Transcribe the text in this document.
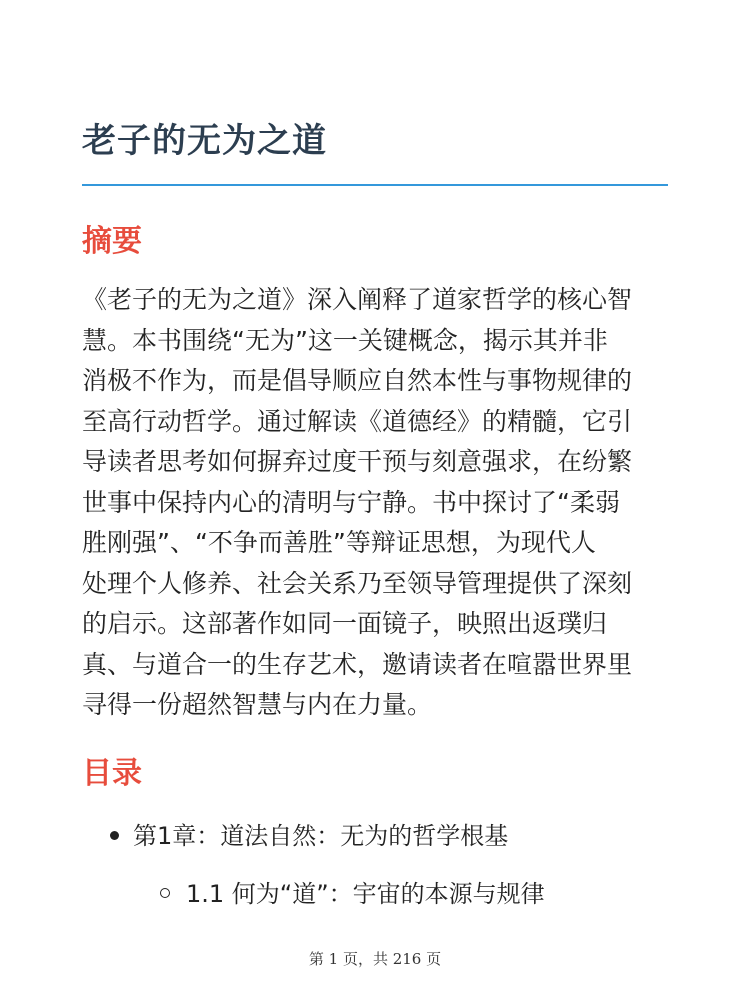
老子的无为之道
摘要

《老子的无为之道》深入阐释了道家哲学的核心智
慧。本书围绕“无为”这一关键概念，揭示其并非
消极不作为，而是倡导顺应自然本性与事物规律的
至高行动哲学。通过解读《道德经》的精髓，它引
导读者思考如何摒弃过度干预与刻意强求，在纷繁
世事中保持内心的清明与宁静。书中探讨了“柔弱
胜刚强”、“不争而善胜”等辩证思想，为现代人
处理个人修养、社会关系乃至领导管理提供了深刻
的启示。这部著作如同一面镜子，映照出返璞归
真、与道合一的生存艺术，邀请读者在喧嚣世界里
寻得一份超然智慧与内在力量。

目录
第1章：道法自然：无为的哲学根基
1.1 何为“道”：宇宙的本源与规律
第 1 页，共 216 页
